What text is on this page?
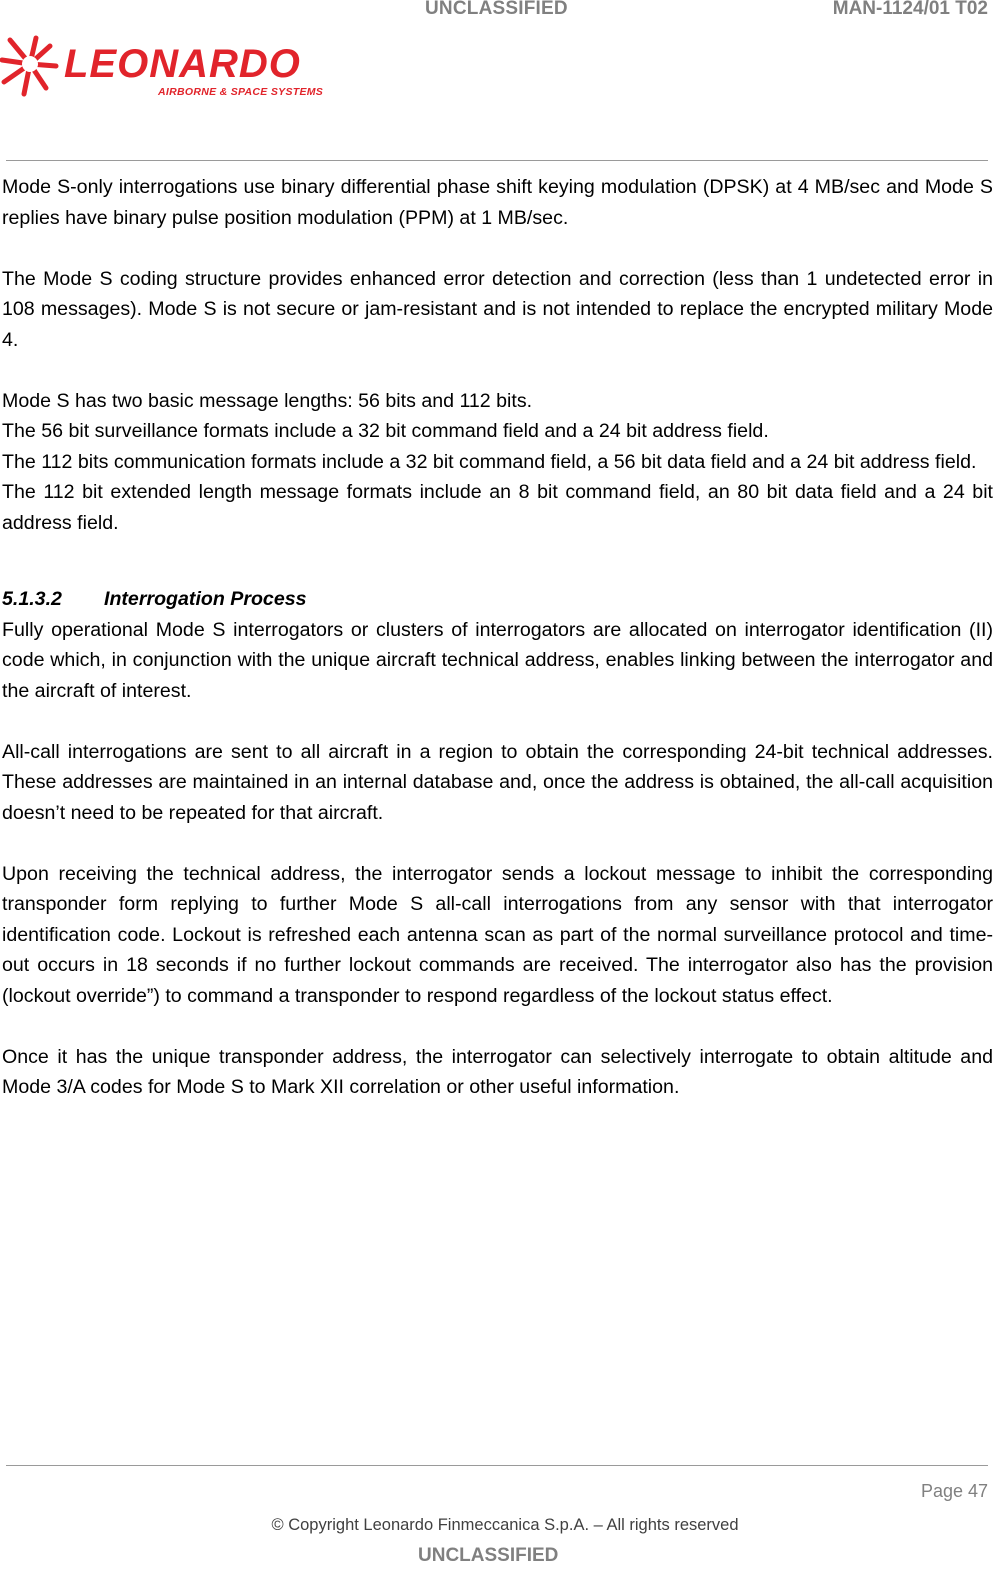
UNCLASSIFIED	MAN-1124/01 T02
LEONARDO
AIRBORNE & SPACE SYSTEMS

Mode S-only interrogations use binary differential phase shift keying modulation (DPSK) at 4 MB/sec and Mode S replies have binary pulse position modulation (PPM) at 1 MB/sec.

The Mode S coding structure provides enhanced error detection and correction (less than 1 undetected error in 108 messages). Mode S is not secure or jam-resistant and is not intended to replace the encrypted military Mode 4.

Mode S has two basic message lengths: 56 bits and 112 bits.

The 56 bit surveillance formats include a 32 bit command field and a 24 bit address field.

The 112 bits communication formats include a 32 bit command field, a 56 bit data field and a 24 bit address field.

The 112 bit extended length message formats include an 8 bit command field, an 80 bit data field and a 24 bit address field.

5.1.3.2 Interrogation Process

Fully operational Mode S interrogators or clusters of interrogators are allocated on interrogator identification (II) code which, in conjunction with the unique aircraft technical address, enables linking between the interrogator and the aircraft of interest.

All-call interrogations are sent to all aircraft in a region to obtain the corresponding 24-bit technical addresses. These addresses are maintained in an internal database and, once the address is obtained, the all-call acquisition doesn’t need to be repeated for that aircraft.

Upon receiving the technical address, the interrogator sends a lockout message to inhibit the corresponding transponder form replying to further Mode S all-call interrogations from any sensor with that interrogator identification code. Lockout is refreshed each antenna scan as part of the normal surveillance protocol and time-out occurs in 18 seconds if no further lockout commands are received. The interrogator also has the provision (lockout override”) to command a transponder to respond regardless of the lockout status effect.

Once it has the unique transponder address, the interrogator can selectively interrogate to obtain altitude and Mode 3/A codes for Mode S to Mark XII correlation or other useful information.

Page 47
© Copyright Leonardo Finmeccanica S.p.A. – All rights reserved
UNCLASSIFIED
